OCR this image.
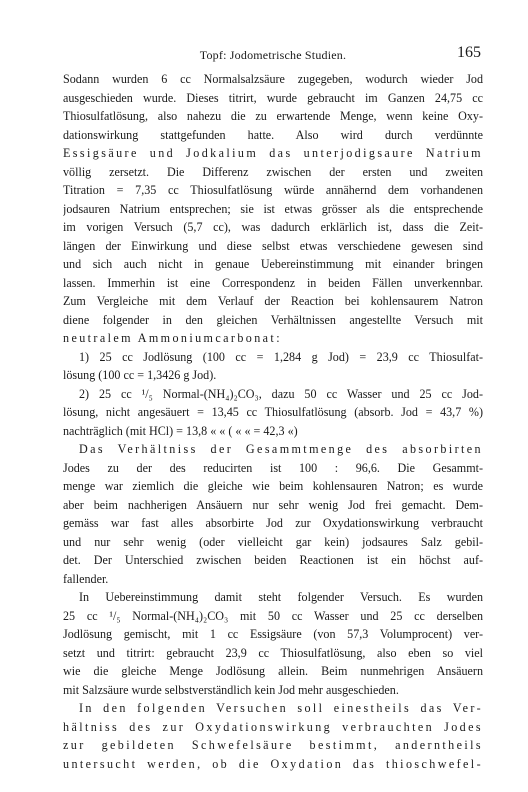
Topf: Jodometrische Studien.	165
Sodann wurden 6 cc Normalsalzsäure zugegeben, wodurch wieder Jod
ausgeschieden wurde. Dieses titrirt, wurde gebraucht im Ganzen 24,75 cc
Thiosulfatlösung, also nahezu die zu erwartende Menge, wenn keine Oxy-
dationswirkung stattgefunden hatte. Also wird durch verdünnte
Essigsäure und Jodkalium das unterjodigsaure Natrium
völlig zersetzt. Die Differenz zwischen der ersten und zweiten
Titration = 7,35 cc Thiosulfatlösung würde annähernd dem vorhandenen
jodsauren Natrium entsprechen; sie ist etwas grösser als die entsprechende
im vorigen Versuch (5,7 cc), was dadurch erklärlich ist, dass die Zeit-
längen der Einwirkung und diese selbst etwas verschiedene gewesen sind
und sich auch nicht in genaue Uebereinstimmung mit einander bringen
lassen. Immerhin ist eine Correspondenz in beiden Fällen unverkennbar.
Zum Vergleiche mit dem Verlauf der Reaction bei kohlensaurem Natron
diene folgender in den gleichen Verhältnissen angestellte Versuch mit
neutralem Ammoniumcarbonat:
1) 25 cc Jodlösung (100 cc = 1,284 g Jod) = 23,9 cc Thiosulfat-
lösung (100 cc = 1,3426 g Jod).
2) 25 cc ¹/₅ Normal-(NH₄)₂CO₃, dazu 50 cc Wasser und 25 cc Jod-
lösung, nicht angesäuert = 13,45 cc Thiosulfatlösung (absorb. Jod = 43,7 %)
nachträglich (mit HCl) = 13,8 « « ( « « = 42,3 «)
Das Verhältniss der Gesammtmenge des absorbirten
Jodes zu der des reducirten ist 100 : 96,6. Die Gesammt-
menge war ziemlich die gleiche wie beim kohlensauren Natron; es wurde
aber beim nachherigen Ansäuern nur sehr wenig Jod frei gemacht. Dem-
gemäss war fast alles absorbirte Jod zur Oxydationswirkung verbraucht
und nur sehr wenig (oder vielleicht gar kein) jodsaures Salz gebil-
det. Der Unterschied zwischen beiden Reactionen ist ein höchst auf-
fallender.
In Uebereinstimmung damit steht folgender Versuch. Es wurden
25 cc ¹/₅ Normal-(NH₄)₂CO₃ mit 50 cc Wasser und 25 cc derselben
Jodlösung gemischt, mit 1 cc Essigsäure (von 57,3 Volumprocent) ver-
setzt und titrirt: gebraucht 23,9 cc Thiosulfatlösung, also eben so viel
wie die gleiche Menge Jodlösung allein. Beim nunmehrigen Ansäuern
mit Salzsäure wurde selbstverständlich kein Jod mehr ausgeschieden.
In den folgenden Versuchen soll einestheils das Ver-
hältniss des zur Oxydationswirkung verbrauchten Jodes
zur gebildeten Schwefelsäure bestimmt, anderntheils
untersucht werden, ob die Oxydation das thioschwefel-
